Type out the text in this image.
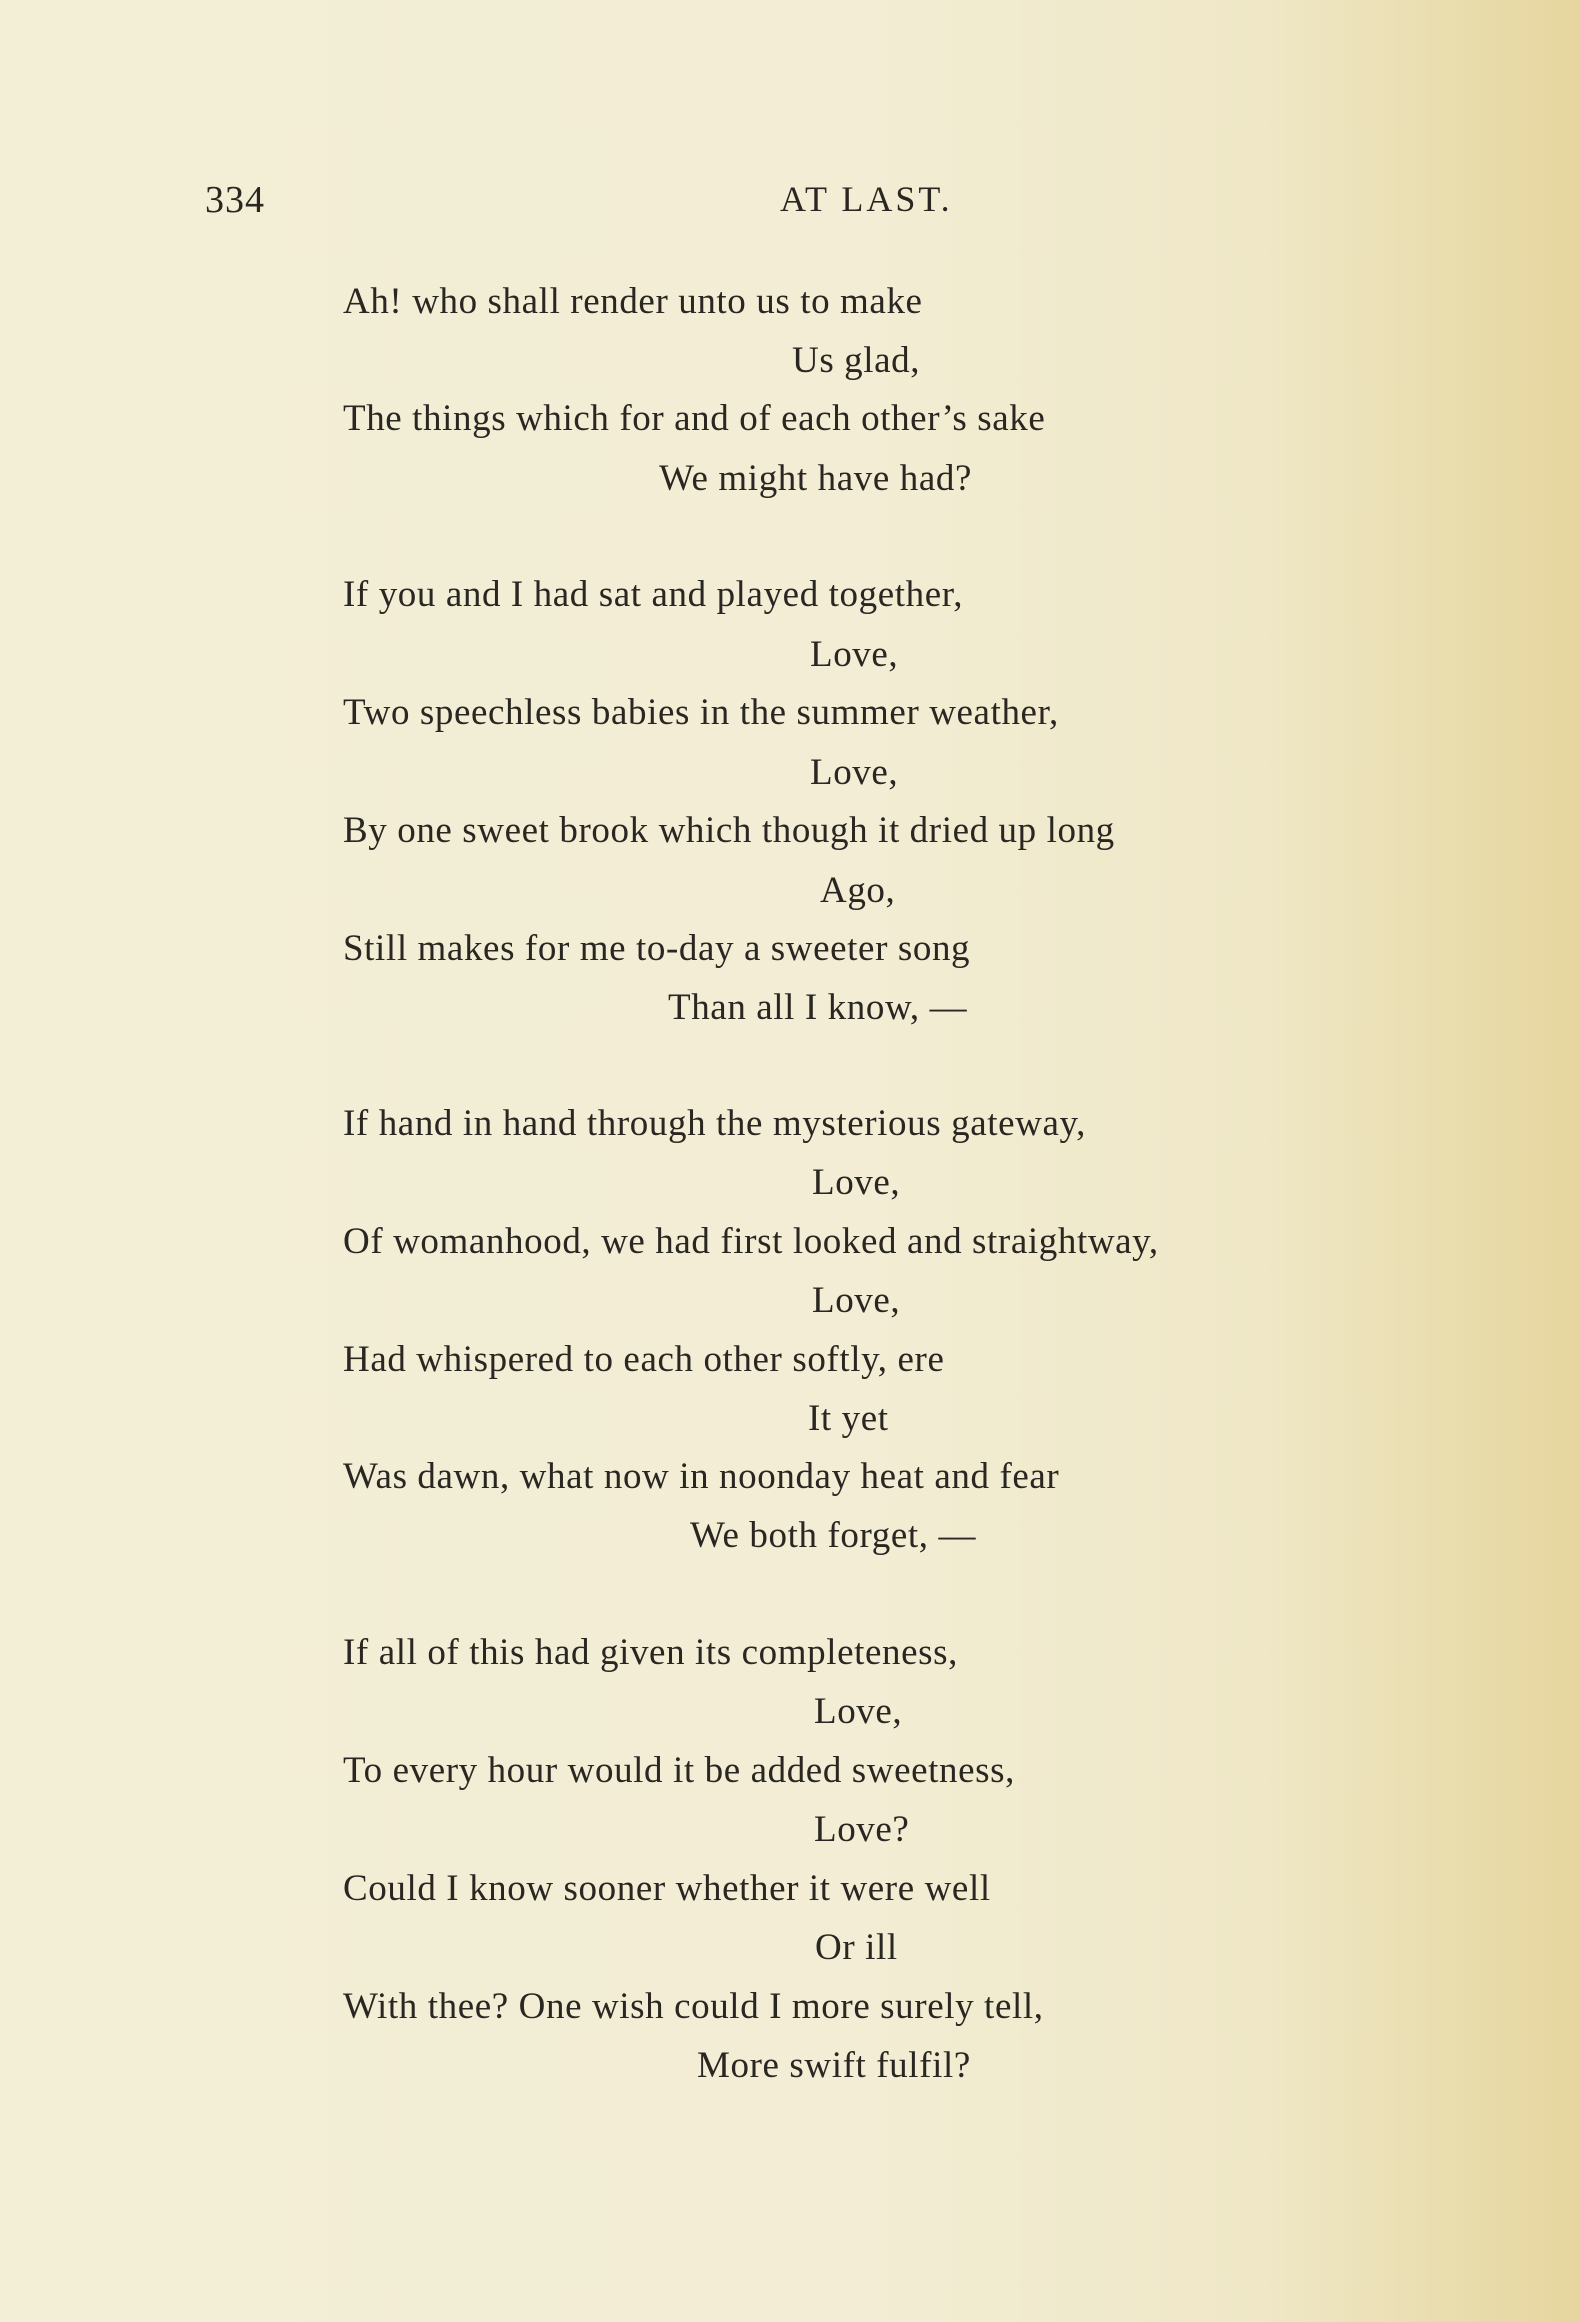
334	AT LAST.
Ah! who shall render unto us to make
Us glad,
The things which for and of each other’s sake
We might have had?
If you and I had sat and played together,
Love,
Two speechless babies in the summer weather,
Love,
By one sweet brook which though it dried up long
Ago,
Still makes for me to-day a sweeter song
Than all I know, —
If hand in hand through the mysterious gateway,
Love,
Of womanhood, we had first looked and straightway,
Love,
Had whispered to each other softly, ere
It yet
Was dawn, what now in noonday heat and fear
We both forget, —
If all of this had given its completeness,
Love,
To every hour would it be added sweetness,
Love?
Could I know sooner whether it were well
Or ill
With thee? One wish could I more surely tell,
More swift fulfil?
